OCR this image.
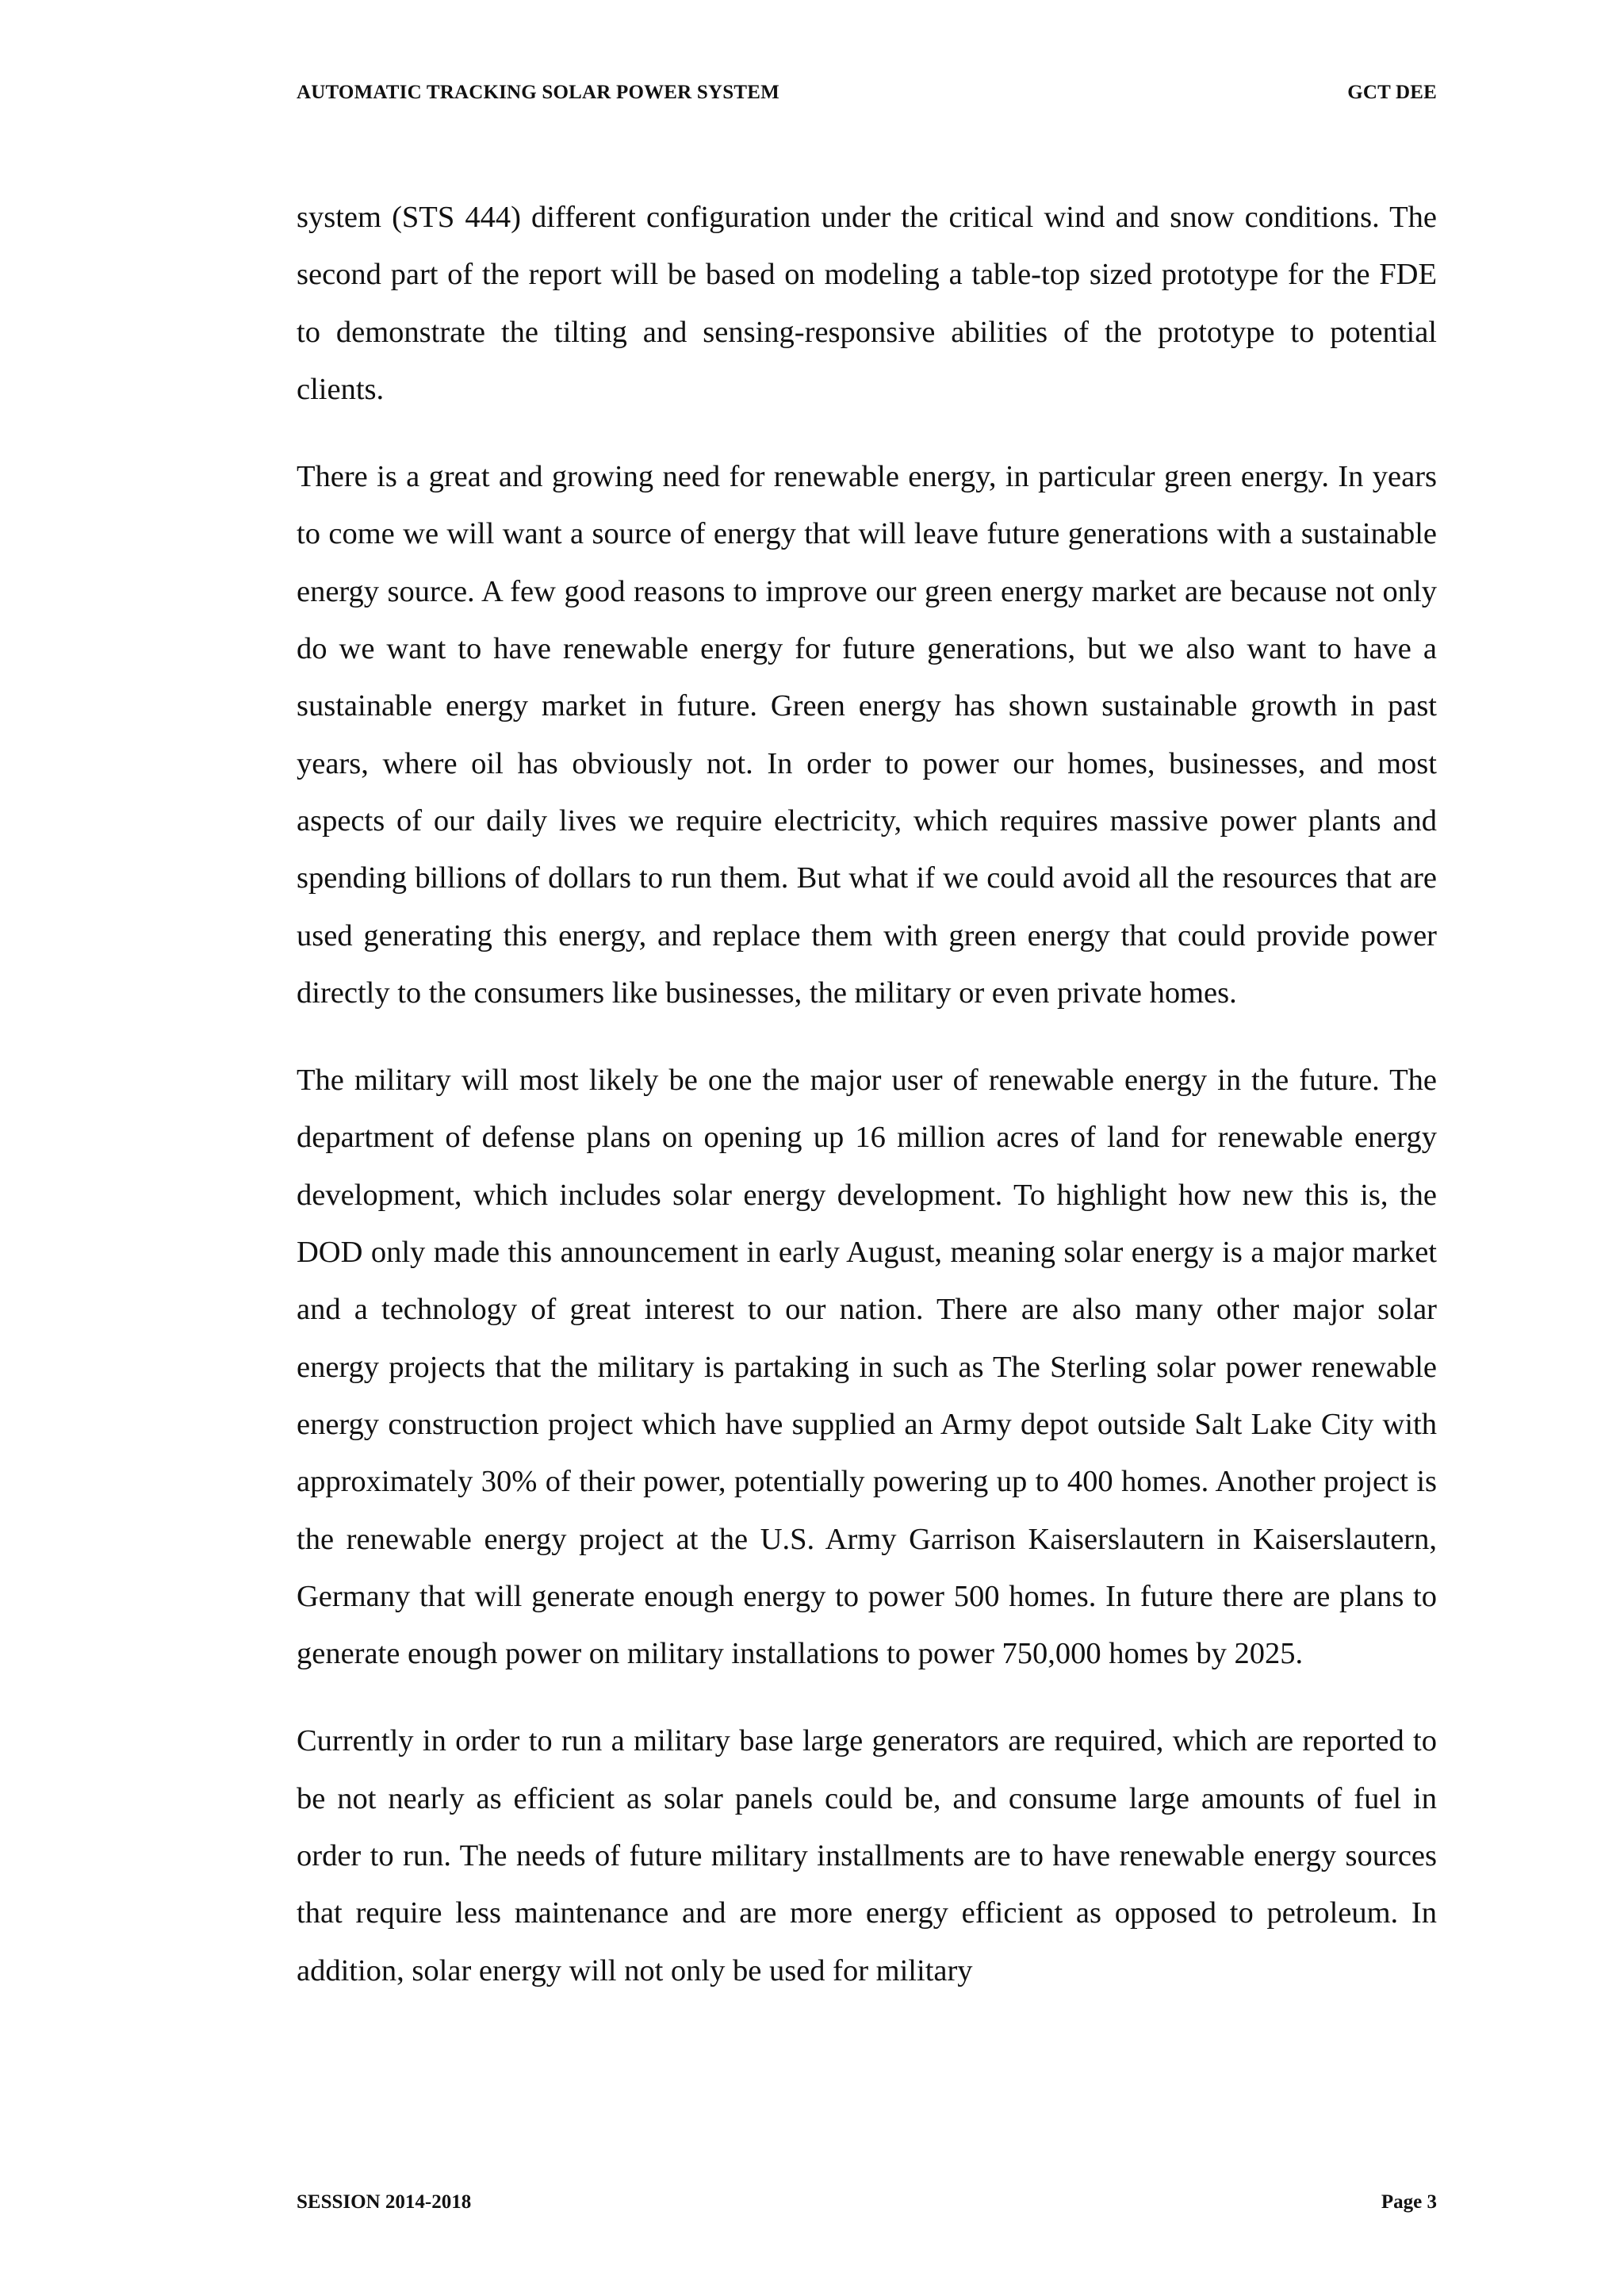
AUTOMATIC TRACKING SOLAR POWER SYSTEM	GCT DEE

system (STS 444) different configuration under the critical wind and snow conditions. The second part of the report will be based on modeling a table-top sized prototype for the FDE to demonstrate the tilting and sensing-responsive abilities of the prototype to potential clients.

There is a great and growing need for renewable energy, in particular green energy. In years to come we will want a source of energy that will leave future generations with a sustainable energy source. A few good reasons to improve our green energy market are because not only do we want to have renewable energy for future generations, but we also want to have a sustainable energy market in future. Green energy has shown sustainable growth in past years, where oil has obviously not. In order to power our homes, businesses, and most aspects of our daily lives we require electricity, which requires massive power plants and spending billions of dollars to run them. But what if we could avoid all the resources that are used generating this energy, and replace them with green energy that could provide power directly to the consumers like businesses, the military or even private homes.

The military will most likely be one the major user of renewable energy in the future. The department of defense plans on opening up 16 million acres of land for renewable energy development, which includes solar energy development. To highlight how new this is, the DOD only made this announcement in early August, meaning solar energy is a major market and a technology of great interest to our nation. There are also many other major solar energy projects that the military is partaking in such as The Sterling solar power renewable energy construction project which have supplied an Army depot outside Salt Lake City with approximately 30% of their power, potentially powering up to 400 homes. Another project is the renewable energy project at the U.S. Army Garrison Kaiserslautern in Kaiserslautern, Germany that will generate enough energy to power 500 homes. In future there are plans to generate enough power on military installations to power 750,000 homes by 2025.

Currently in order to run a military base large generators are required, which are reported to be not nearly as efficient as solar panels could be, and consume large amounts of fuel in order to run. The needs of future military installments are to have renewable energy sources that require less maintenance and are more energy efficient as opposed to petroleum. In addition, solar energy will not only be used for military

SESSION 2014-2018	Page 3
